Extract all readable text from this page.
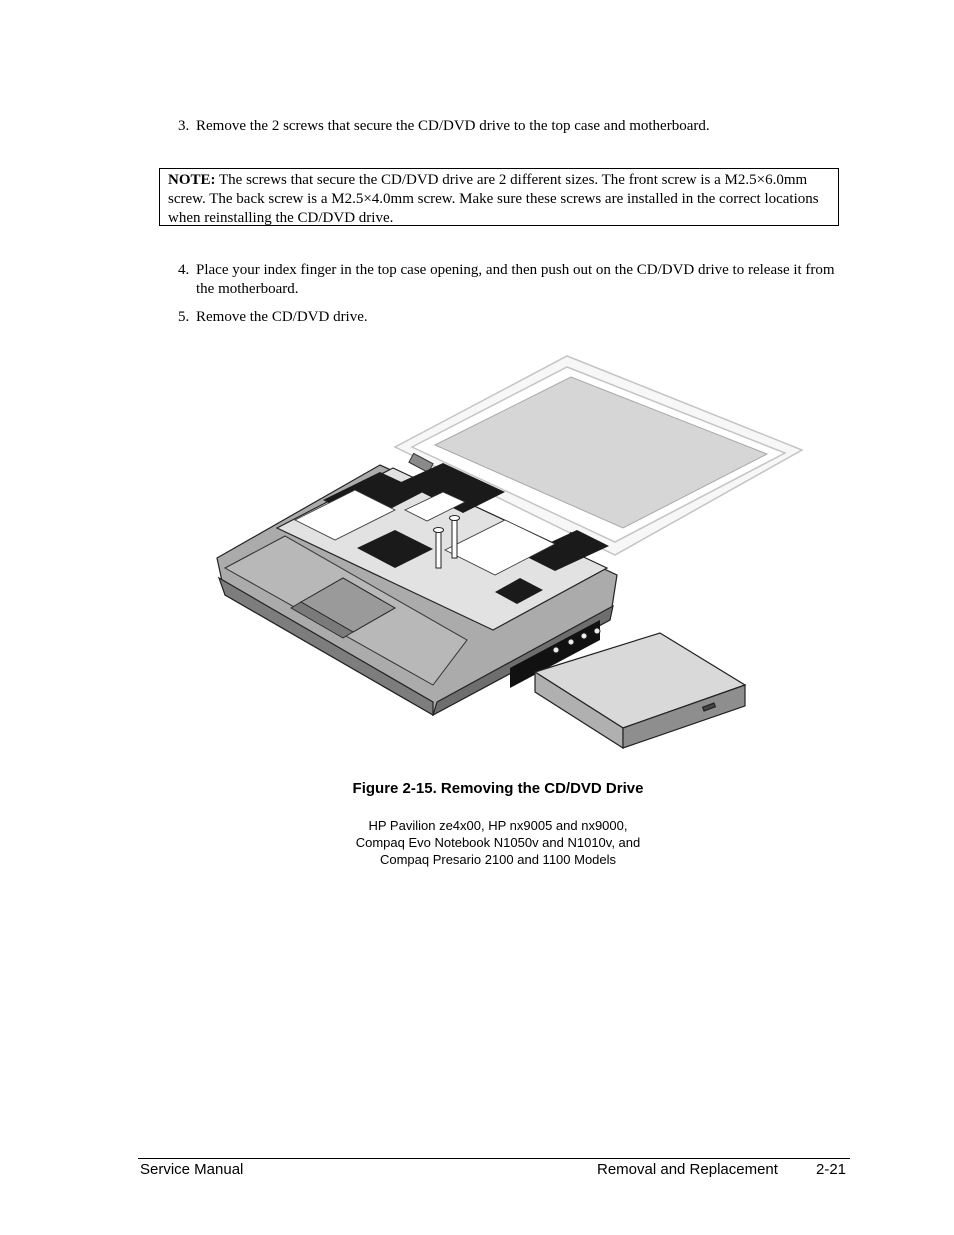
3. Remove the 2 screws that secure the CD/DVD drive to the top case and motherboard.
NOTE: The screws that secure the CD/DVD drive are 2 different sizes. The front screw is a M2.5×6.0mm screw. The back screw is a M2.5×4.0mm screw. Make sure these screws are installed in the correct locations when reinstalling the CD/DVD drive.
4. Place your index finger in the top case opening, and then push out on the CD/DVD drive to release it from the motherboard.
5. Remove the CD/DVD drive.
Figure 2-15. Removing the CD/DVD Drive
HP Pavilion ze4x00, HP nx9005 and nx9000,
Compaq Evo Notebook N1050v and N1010v, and
Compaq Presario 2100 and 1100 Models
Service Manual	Removal and Replacement	2-21
